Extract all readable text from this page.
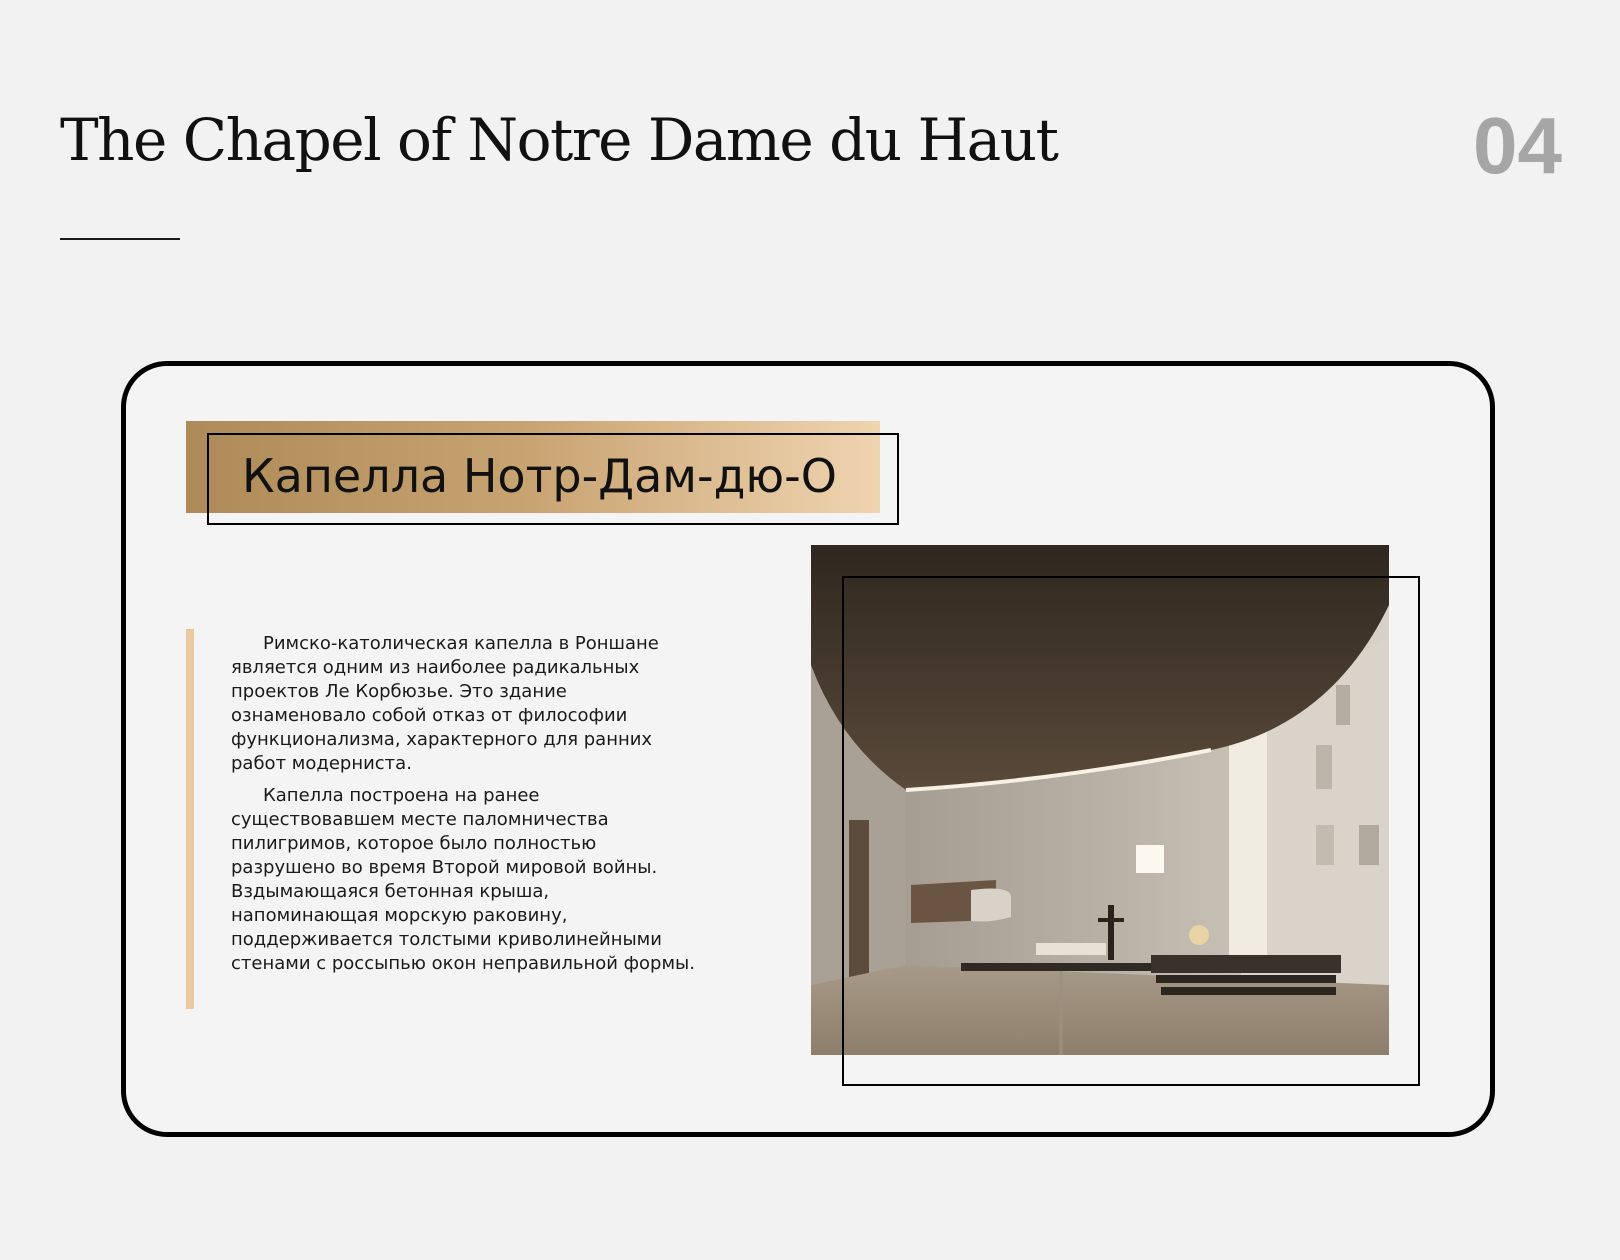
The Chapel of Notre Dame du Haut	04
Капелла Нотр-Дам-дю-О

Римско-католическая капелла в Роншане является одним из наиболее радикальных проектов Ле Корбюзье. Это здание ознаменовало собой отказ от философии функционализма, характерного для ранних работ модерниста.

Капелла построена на ранее существовавшем месте паломничества пилигримов, которое было полностью разрушено во время Второй мировой войны. Вздымающаяся бетонная крыша, напоминающая морскую раковину, поддерживается толстыми криволинейными стенами с россыпью окон неправильной формы.
